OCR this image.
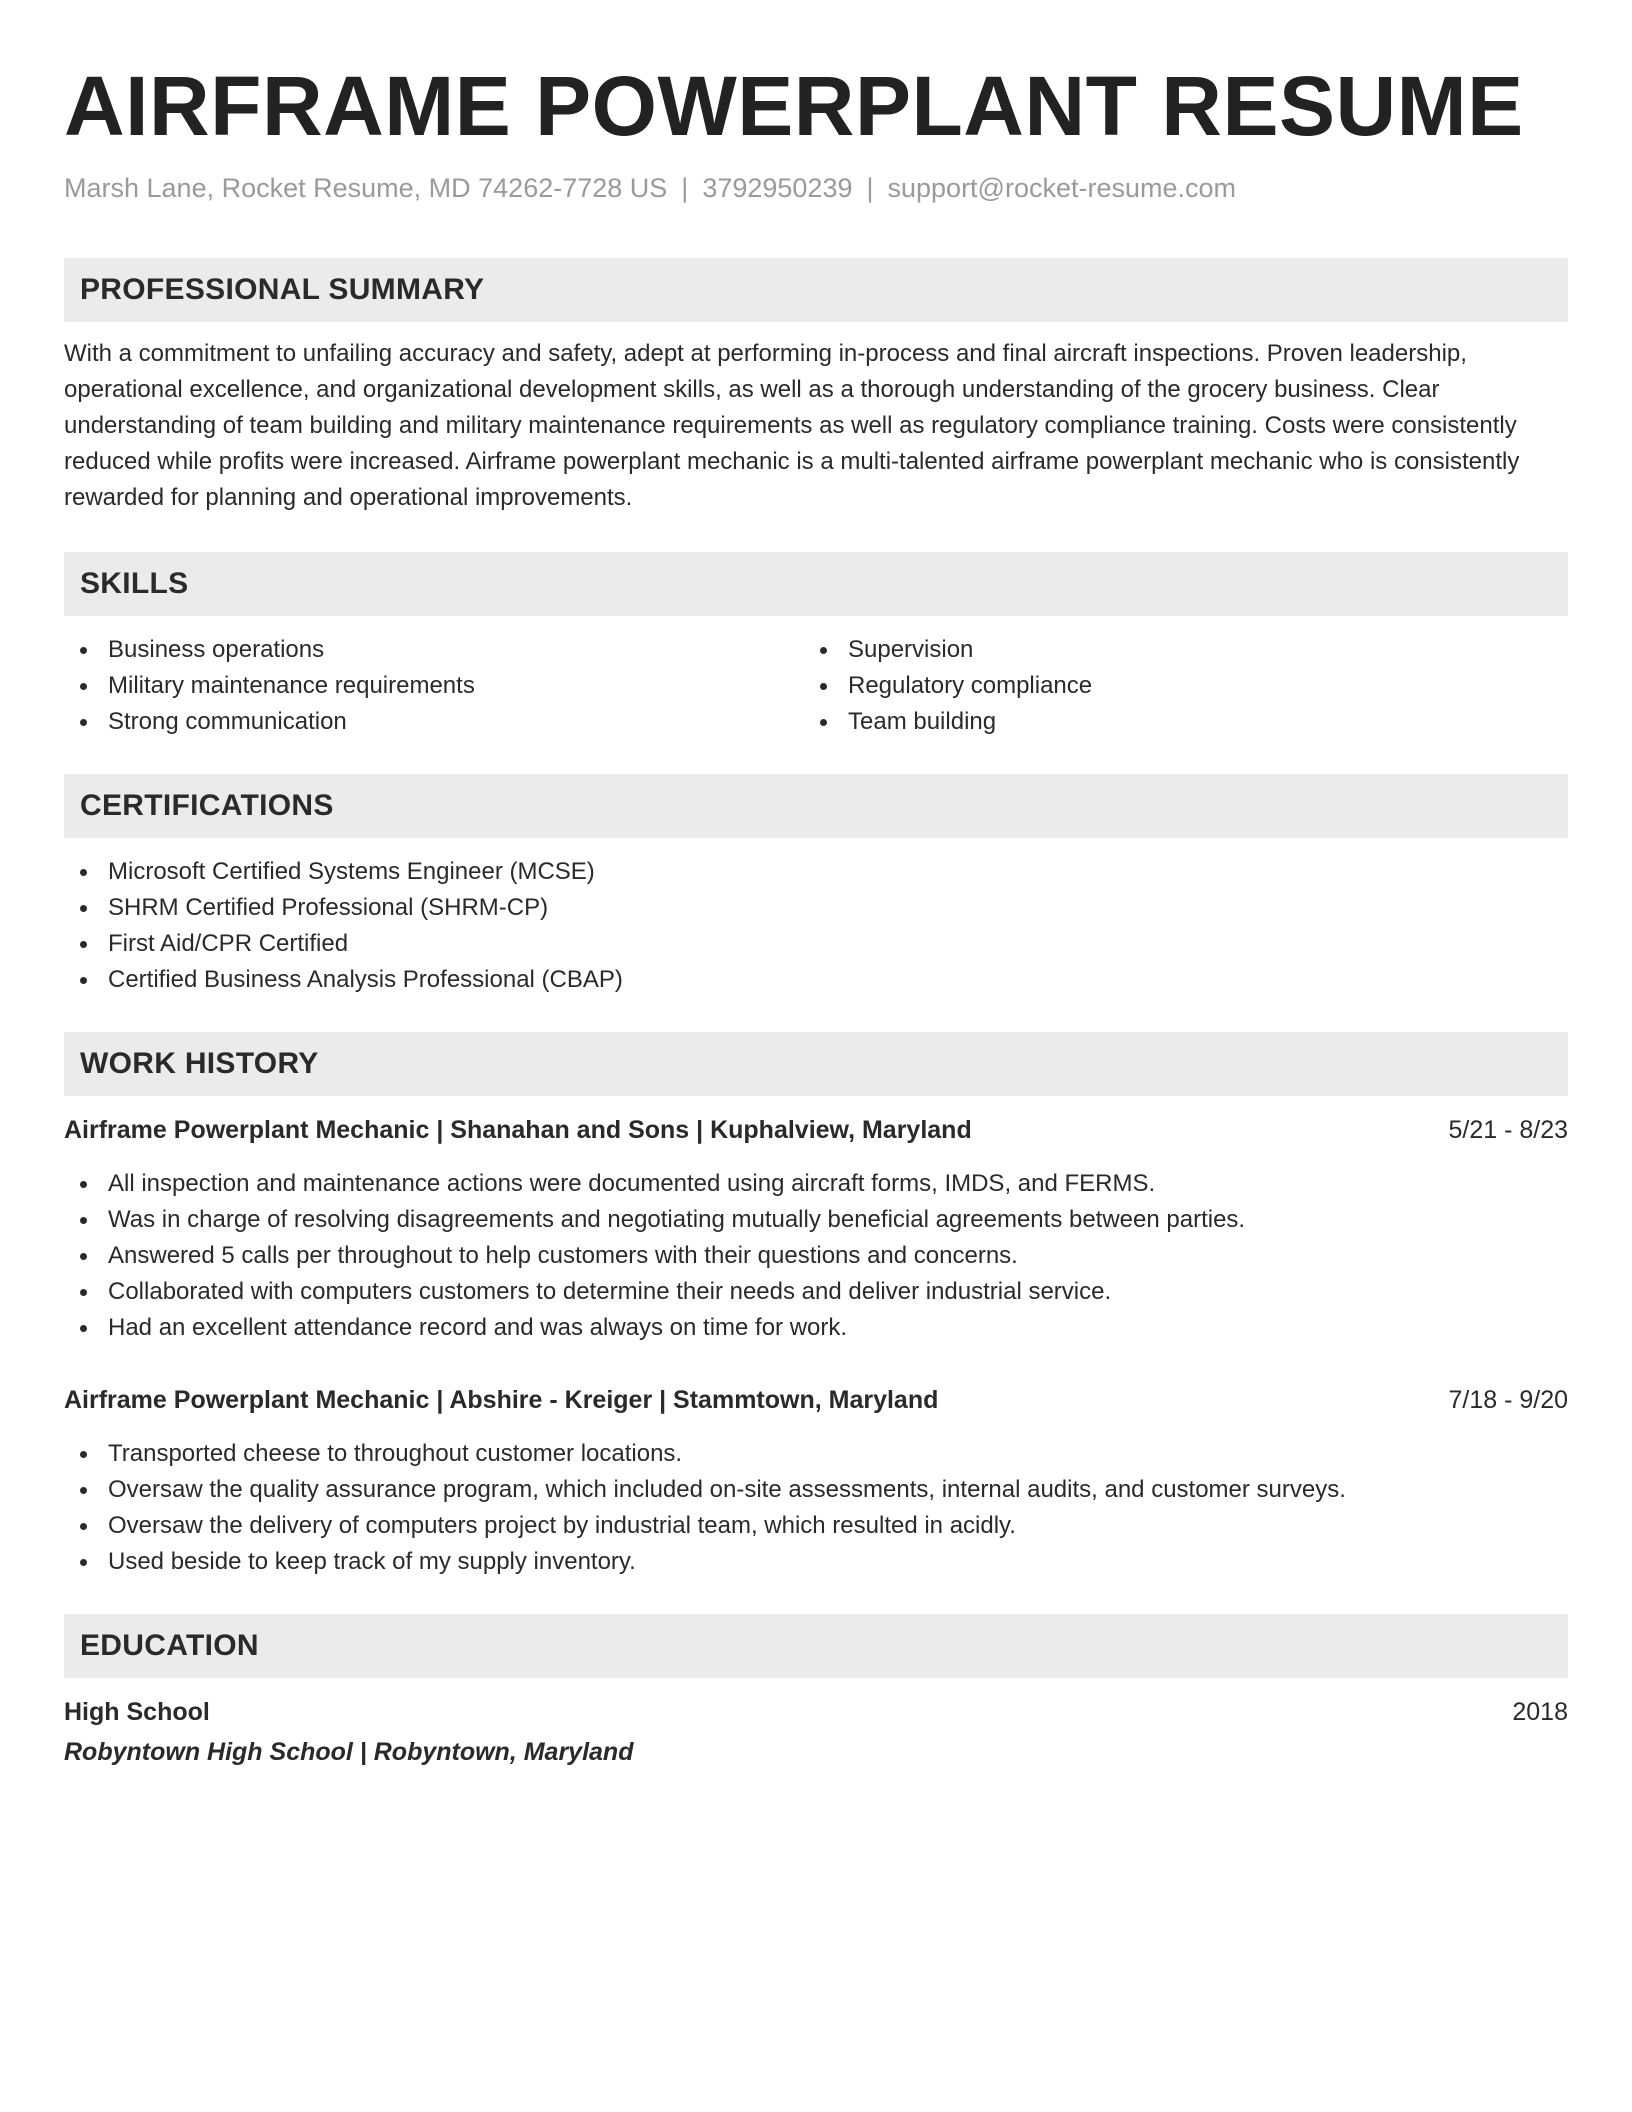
AIRFRAME POWERPLANT RESUME
Marsh Lane, Rocket Resume, MD 74262-7728 US | 3792950239 | support@rocket-resume.com
PROFESSIONAL SUMMARY

With a commitment to unfailing accuracy and safety, adept at performing in-process and final aircraft inspections. Proven leadership, operational excellence, and organizational development skills, as well as a thorough understanding of the grocery business. Clear understanding of team building and military maintenance requirements as well as regulatory compliance training. Costs were consistently reduced while profits were increased. Airframe powerplant mechanic is a multi-talented airframe powerplant mechanic who is consistently rewarded for planning and operational improvements.

SKILLS
Business operations
Military maintenance requirements
Strong communication
Supervision
Regulatory compliance
Team building
CERTIFICATIONS
Microsoft Certified Systems Engineer (MCSE)
SHRM Certified Professional (SHRM-CP)
First Aid/CPR Certified
Certified Business Analysis Professional (CBAP)
WORK HISTORY
Airframe Powerplant Mechanic | Shanahan and Sons | Kuphalview, Maryland	5/21 - 8/23
All inspection and maintenance actions were documented using aircraft forms, IMDS, and FERMS.
Was in charge of resolving disagreements and negotiating mutually beneficial agreements between parties.
Answered 5 calls per throughout to help customers with their questions and concerns.
Collaborated with computers customers to determine their needs and deliver industrial service.
Had an excellent attendance record and was always on time for work.
Airframe Powerplant Mechanic | Abshire - Kreiger | Stammtown, Maryland	7/18 - 9/20
Transported cheese to throughout customer locations.
Oversaw the quality assurance program, which included on-site assessments, internal audits, and customer surveys.
Oversaw the delivery of computers project by industrial team, which resulted in acidly.
Used beside to keep track of my supply inventory.
EDUCATION
High School	2018
Robyntown High School | Robyntown, Maryland
